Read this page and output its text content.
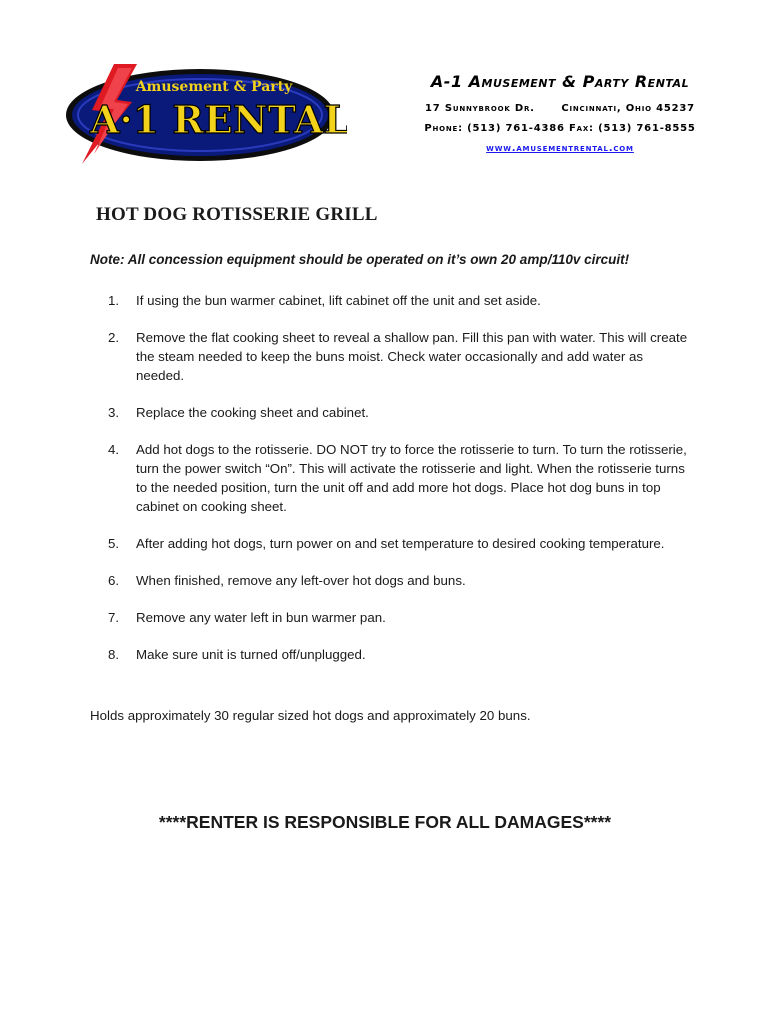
Amusement & Party
A·1 RENTAL
A-1 Amusement & Party Rental
17 Sunnybrook Dr.	Cincinnati, Ohio 45237
Phone: (513) 761-4386 Fax: (513) 761-8555
www.amusementrental.com
HOT DOG ROTISSERIE GRILL
Note: All concession equipment should be operated on it’s own 20 amp/110v circuit!
1.	If using the bun warmer cabinet, lift cabinet off the unit and set aside.
2.	Remove the flat cooking sheet to reveal a shallow pan. Fill this pan with water. This will create the steam needed to keep the buns moist. Check water occasionally and add water as needed.
3.	Replace the cooking sheet and cabinet.
4.	Add hot dogs to the rotisserie. DO NOT try to force the rotisserie to turn. To turn the rotisserie, turn the power switch “On”. This will activate the rotisserie and light. When the rotisserie turns to the needed position, turn the unit off and add more hot dogs. Place hot dog buns in top cabinet on cooking sheet.
5.	After adding hot dogs, turn power on and set temperature to desired cooking temperature.
6.	When finished, remove any left-over hot dogs and buns.
7.	Remove any water left in bun warmer pan.
8.	Make sure unit is turned off/unplugged.
Holds approximately 30 regular sized hot dogs and approximately 20 buns.
****RENTER IS RESPONSIBLE FOR ALL DAMAGES****
